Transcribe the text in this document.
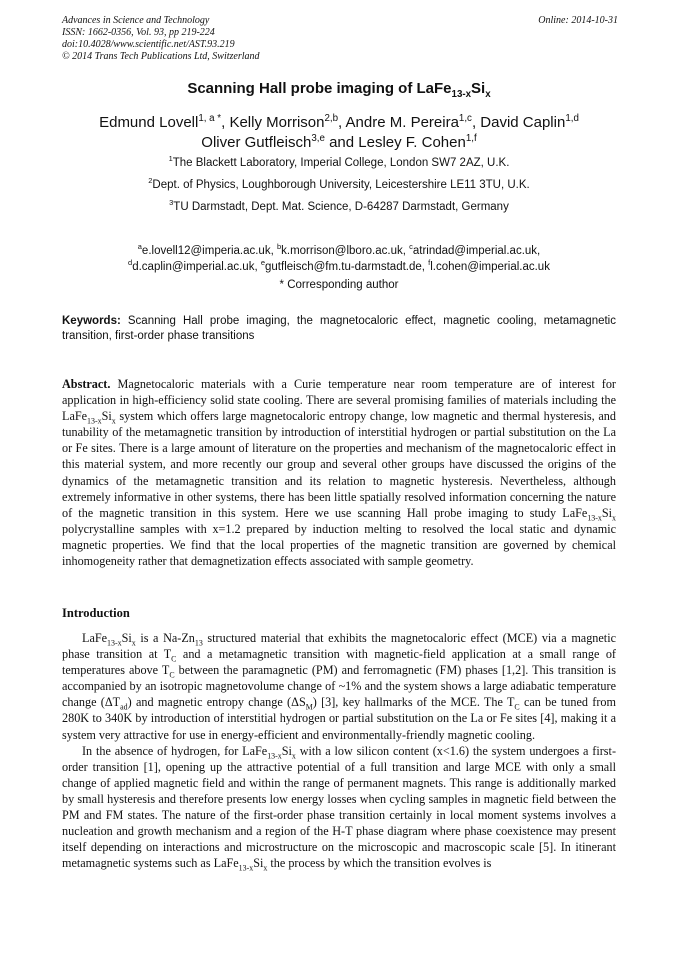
Advances in Science and Technology
ISSN: 1662-0356, Vol. 93, pp 219-224
doi:10.4028/www.scientific.net/AST.93.219
© 2014 Trans Tech Publications Ltd, Switzerland
Online: 2014-10-31
Scanning Hall probe imaging of $LaFe_{13-x}Si_x$
Edmund Lovell$^{1, a *}$, Kelly Morrison$^{2,b}$, Andre M. Pereira$^{1,c}$, David Caplin$^{1,d}$
Oliver Gutfleisch$^{3,e}$ and Lesley F. Cohen$^{1,f}$
$^1$The Blackett Laboratory, Imperial College, London SW7 2AZ, U.K.
$^2$Dept. of Physics, Loughborough University, Leicestershire LE11 3TU, U.K.
$^3$TU Darmstadt, Dept. Mat. Science, D-64287 Darmstadt, Germany
$^a$e.lovell12@imperia.ac.uk, $^b$k.morrison@lboro.ac.uk, $^c$atrindad@imperial.ac.uk,
$^d$d.caplin@imperial.ac.uk, $^e$gutfleisch@fm.tu-darmstadt.de, $^f$l.cohen@imperial.ac.uk
* Corresponding author
Keywords: Scanning Hall probe imaging, the magnetocaloric effect, magnetic cooling, metamagnetic transition, first-order phase transitions
Abstract. Magnetocaloric materials with a Curie temperature near room temperature are of interest for application in high-efficiency solid state cooling. There are several promising families of materials including the $LaFe_{13-x}Si_x$ system which offers large magnetocaloric entropy change, low magnetic and thermal hysteresis, and tunability of the metamagnetic transition by introduction of interstitial hydrogen or partial substitution on the La or Fe sites. There is a large amount of literature on the properties and mechanism of the magnetocaloric effect in this material system, and more recently our group and several other groups have discussed the origins of the dynamics of the metamagnetic transition and its relation to magnetic hysteresis. Nevertheless, although extremely informative in other systems, there has been little spatially resolved information concerning the nature of the magnetic transition in this system. Here we use scanning Hall probe imaging to study $LaFe_{13-x}Si_x$ polycrystalline samples with x=1.2 prepared by induction melting to resolved the local static and dynamic magnetic properties. We find that the local properties of the magnetic transition are governed by chemical inhomogeneity rather that demagnetization effects associated with sample geometry.
Introduction

$LaFe_{13-x}Si_x$ is a $Na-Zn_{13}$ structured material that exhibits the magnetocaloric effect (MCE) via a magnetic phase transition at $T_C$ and a metamagnetic transition with magnetic-field application at a small range of temperatures above $T_C$ between the paramagnetic (PM) and ferromagnetic (FM) phases [1,2]. This transition is accompanied by an isotropic magnetovolume change of ~1% and the system shows a large adiabatic temperature change $(\Delta T_{ad})$ and magnetic entropy change $(\Delta S_M)$ [3], key hallmarks of the MCE. The $T_C$ can be tuned from 280K to 340K by introduction of interstitial hydrogen or partial substitution on the La or Fe sites [4], making it a system very attractive for use in energy-efficient and environmentally-friendly magnetic cooling.

In the absence of hydrogen, for $LaFe_{13-x}Si_x$ with a low silicon content (x<1.6) the system undergoes a first-order transition [1], opening up the attractive potential of a full transition and large MCE with only a small change of applied magnetic field and within the range of permanent magnets. This range is additionally marked by small hysteresis and therefore presents low energy losses when cycling samples in magnetic field between the PM and FM states. The nature of the first-order phase transition certainly in local moment systems involves a nucleation and growth mechanism and a region of the H-T phase diagram where phase coexistence may present itself depending on interactions and microstructure on the microscopic and macroscopic scale [5]. In itinerant metamagnetic systems such as $LaFe_{13-x}Si_x$ the process by which the transition evolves is
